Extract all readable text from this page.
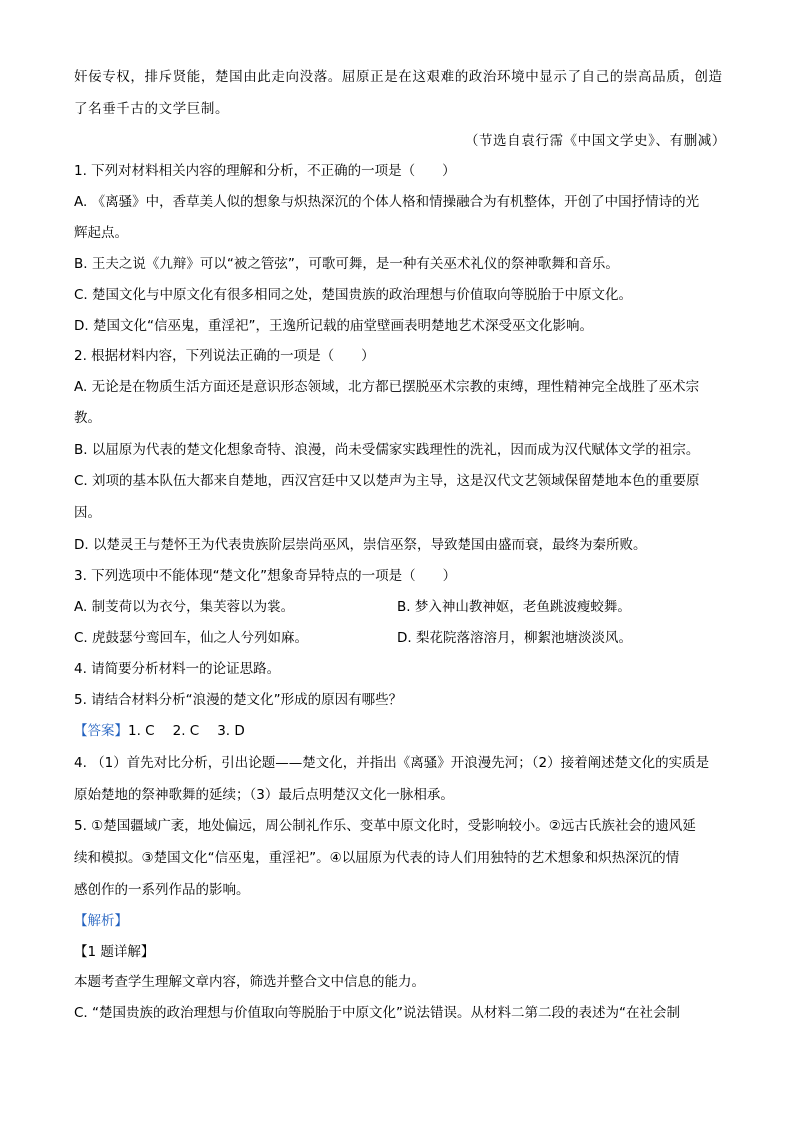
奸佞专权，排斥贤能，楚国由此走向没落。屈原正是在这艰难的政治环境中显示了自己的崇高品质，创造
了名垂千古的文学巨制。
（节选自袁行霈《中国文学史》、有删减）
1. 下列对材料相关内容的理解和分析，不正确的一项是（　　）
A. 《离骚》中，香草美人似的想象与炽热深沉的个体人格和情操融合为有机整体，开创了中国抒情诗的光
辉起点。
B. 王夫之说《九辩》可以“被之管弦”，可歌可舞，是一种有关巫术礼仪的祭神歌舞和音乐。
C. 楚国文化与中原文化有很多相同之处，楚国贵族的政治理想与价值取向等脱胎于中原文化。
D. 楚国文化“信巫鬼，重淫祀”，王逸所记载的庙堂壁画表明楚地艺术深受巫文化影响。
2. 根据材料内容，下列说法正确的一项是（　　）
A. 无论是在物质生活方面还是意识形态领域，北方都已摆脱巫术宗教的束缚，理性精神完全战胜了巫术宗
教。
B. 以屈原为代表的楚文化想象奇特、浪漫，尚未受儒家实践理性的洗礼，因而成为汉代赋体文学的祖宗。
C. 刘项的基本队伍大都来自楚地，西汉宫廷中又以楚声为主导，这是汉代文艺领域保留楚地本色的重要原
因。
D. 以楚灵王与楚怀王为代表贵族阶层崇尚巫风，崇信巫祭，导致楚国由盛而衰，最终为秦所败。
3. 下列选项中不能体现“楚文化”想象奇异特点的一项是（　　）
A. 制芰荷以为衣兮，集芙蓉以为裳。	B. 梦入神山教神妪，老鱼跳波瘦蛟舞。
C. 虎鼓瑟兮鸾回车，仙之人兮列如麻。	D. 梨花院落溶溶月，柳絮池塘淡淡风。
4. 请简要分析材料一的论证思路。
5. 请结合材料分析“浪漫的楚文化”形成的原因有哪些？
【答案】1. C 2. C 3. D
4. （1）首先对比分析，引出论题——楚文化，并指出《离骚》开浪漫先河；（2）接着阐述楚文化的实质是
原始楚地的祭神歌舞的延续；（3）最后点明楚汉文化一脉相承。
5. ①楚国疆域广袤，地处偏远，周公制礼作乐、变革中原文化时，受影响较小。②远古氏族社会的遗风延
续和模拟。③楚国文化“信巫鬼，重淫祀”。④以屈原为代表的诗人们用独特的艺术想象和炽热深沉的情
感创作的一系列作品的影响。
【解析】
【1 题详解】
本题考查学生理解文章内容，筛选并整合文中信息的能力。
C. “楚国贵族的政治理想与价值取向等脱胎于中原文化”说法错误。从材料二第二段的表述为“在社会制
